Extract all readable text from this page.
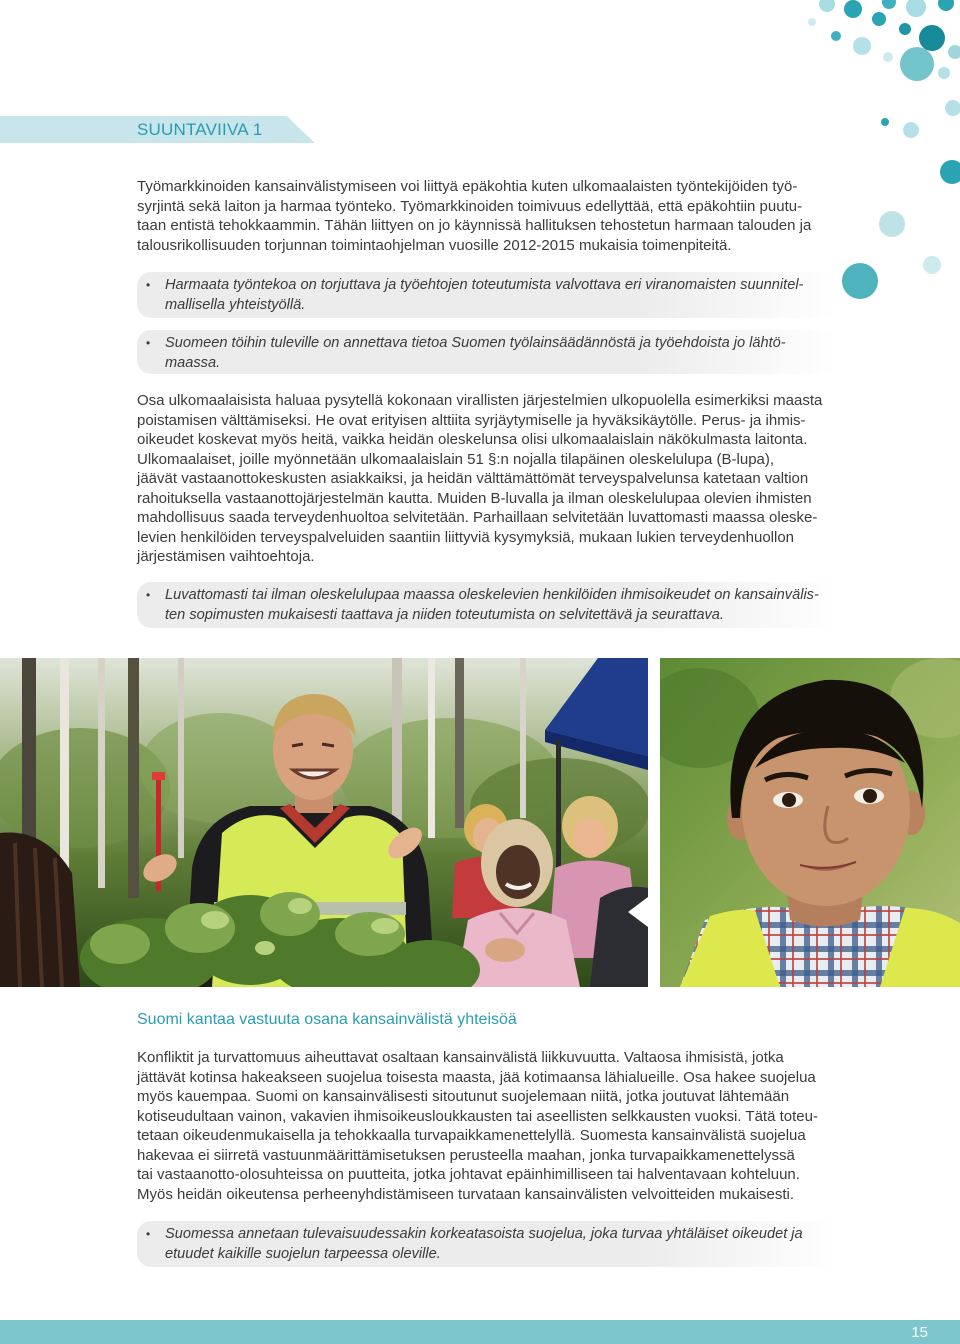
SUUNTAVIIVA 1
Työmarkkinoiden kansainvälistymiseen voi liittyä epäkohtia kuten ulkomaalaisten työntekijöiden työ-
syrjintä sekä laiton ja harmaa työnteko. Työmarkkinoiden toimivuus edellyttää, että epäkohtiin puutu-
taan entistä tehokkaammin. Tähän liittyen on jo käynnissä hallituksen tehostetun harmaan talouden ja
talousrikollisuuden torjunnan toimintaohjelman vuosille 2012-2015 mukaisia toimenpiteitä.
• Harmaata työntekoa on torjuttava ja työehtojen toteutumista valvottava eri viranomaisten suunnitel-
mallisella yhteistyöllä.
• Suomeen töihin tuleville on annettava tietoa Suomen työlainsäädännöstä ja työehdoista jo lähtö-
maassa.
Osa ulkomaalaisista haluaa pysytellä kokonaan virallisten järjestelmien ulkopuolella esimerkiksi maasta
poistamisen välttämiseksi. He ovat erityisen alttiita syrjäytymiselle ja hyväksikäytölle. Perus- ja ihmis-
oikeudet koskevat myös heitä, vaikka heidän oleskelunsa olisi ulkomaalaislain näkökulmasta laitonta.
Ulkomaalaiset, joille myönnetään ulkomaalaislain 51 §:n nojalla tilapäinen oleskelulupa (B-lupa),
jäävät vastaanottokeskusten asiakkaiksi, ja heidän välttämättömät terveyspalvelunsa katetaan valtion
rahoituksella vastaanottojärjestelmän kautta. Muiden B-luvalla ja ilman oleskelulupaa olevien ihmisten
mahdollisuus saada terveydenhuoltoa selvitetään. Parhaillaan selvitetään luvattomasti maassa oleske-
levien henkilöiden terveyspalveluiden saantiin liittyviä kysymyksiä, mukaan lukien terveydenhuollon
järjestämisen vaihtoehtoja.
• Luvattomasti tai ilman oleskelulupaa maassa oleskelevien henkilöiden ihmisoikeudet on kansainvälis-
ten sopimusten mukaisesti taattava ja niiden toteutumista on selvitettävä ja seurattava.
Suomi kantaa vastuuta osana kansainvälistä yhteisöä
Konfliktit ja turvattomuus aiheuttavat osaltaan kansainvälistä liikkuvuutta. Valtaosa ihmisistä, jotka
jättävät kotinsa hakeakseen suojelua toisesta maasta, jää kotimaansa lähialueille. Osa hakee suojelua
myös kauempaa. Suomi on kansainvälisesti sitoutunut suojelemaan niitä, jotka joutuvat lähtemään
kotiseudultaan vainon, vakavien ihmisoikeusloukkausten tai aseellisten selkkausten vuoksi. Tätä toteu-
tetaan oikeudenmukaisella ja tehokkaalla turvapaikkamenettelyllä. Suomesta kansainvälistä suojelua
hakevaa ei siirretä vastuunmäärittämisetuksen perusteella maahan, jonka turvapaikkamenettelyssä
tai vastaanotto-olosuhteissa on puutteita, jotka johtavat epäinhimilliseen tai halventavaan kohteluun.
Myös heidän oikeutensa perheenyhdistämiseen turvataan kansainvälisten velvoitteiden mukaisesti.
• Suomessa annetaan tulevaisuudessakin korkeatasoista suojelua, joka turvaa yhtäläiset oikeudet ja
etuudet kaikille suojelun tarpeessa oleville.
15
